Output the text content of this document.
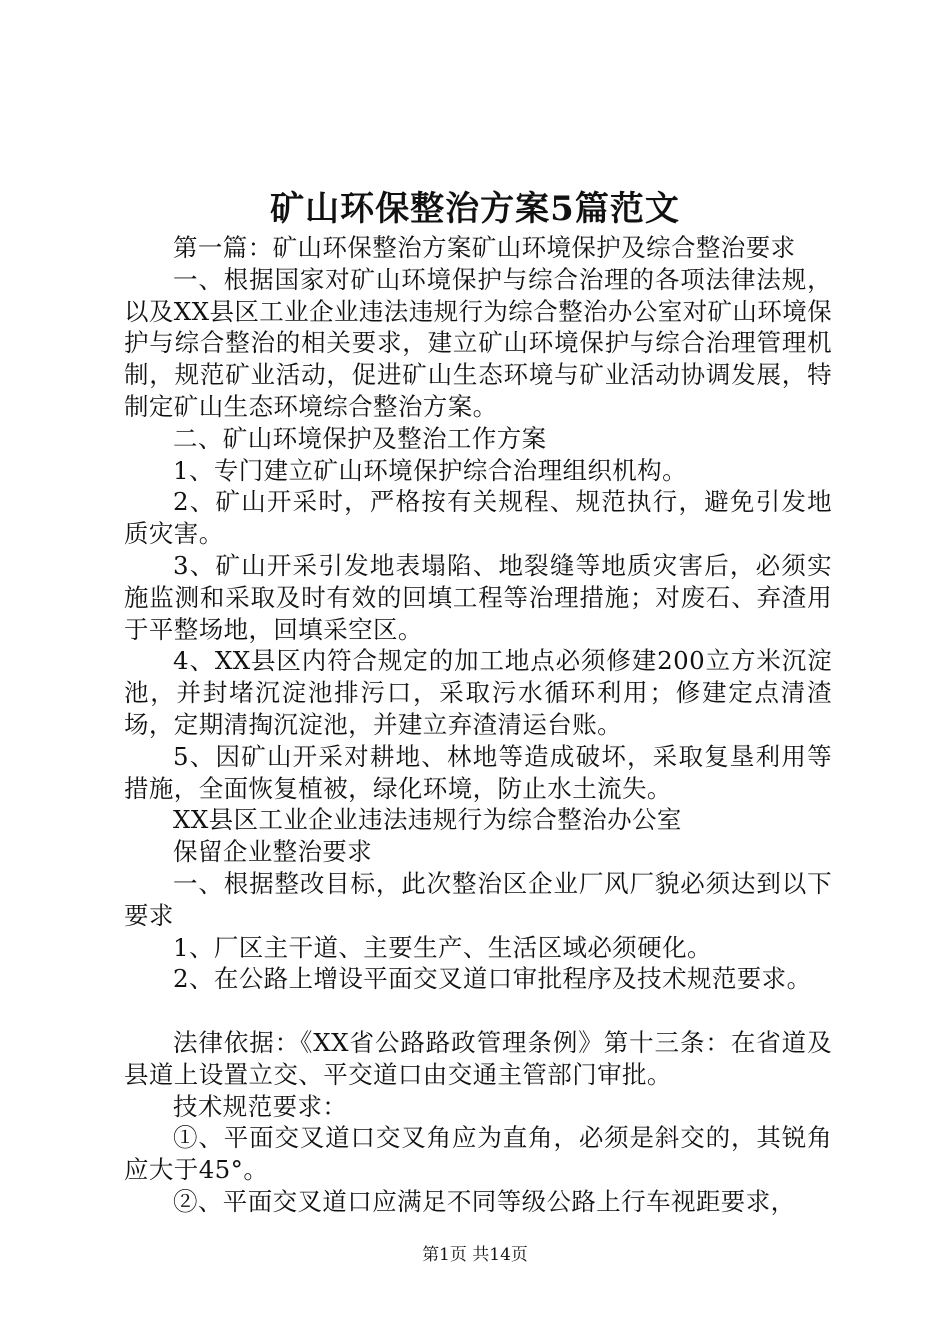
矿山环保整治方案5篇范文

第一篇：矿山环保整治方案矿山环境保护及综合整治要求

一、根据国家对矿山环境保护与综合治理的各项法律法规，以及XX县区工业企业违法违规行为综合整治办公室对矿山环境保护与综合整治的相关要求，建立矿山环境保护与综合治理管理机制，规范矿业活动，促进矿山生态环境与矿业活动协调发展，特制定矿山生态环境综合整治方案。

二、矿山环境保护及整治工作方案

1、专门建立矿山环境保护综合治理组织机构。

2、矿山开采时，严格按有关规程、规范执行，避免引发地质灾害。

3、矿山开采引发地表塌陷、地裂缝等地质灾害后，必须实施监测和采取及时有效的回填工程等治理措施；对废石、弃渣用于平整场地，回填采空区。

4、XX县区内符合规定的加工地点必须修建200立方米沉淀池，并封堵沉淀池排污口，采取污水循环利用；修建定点清渣场，定期清掏沉淀池，并建立弃渣清运台账。

5、因矿山开采对耕地、林地等造成破坏，采取复垦利用等措施，全面恢复植被，绿化环境，防止水土流失。

XX县区工业企业违法违规行为综合整治办公室

保留企业整治要求

一、根据整改目标，此次整治区企业厂风厂貌必须达到以下要求

1、厂区主干道、主要生产、生活区域必须硬化。

2、在公路上增设平面交叉道口审批程序及技术规范要求。

法律依据：《XX省公路路政管理条例》第十三条：在省道及县道上设置立交、平交道口由交通主管部门审批。

技术规范要求：

①、平面交叉道口交叉角应为直角，必须是斜交的，其锐角应大于45°。

②、平面交叉道口应满足不同等级公路上行车视距要求，

第1页 共14页
